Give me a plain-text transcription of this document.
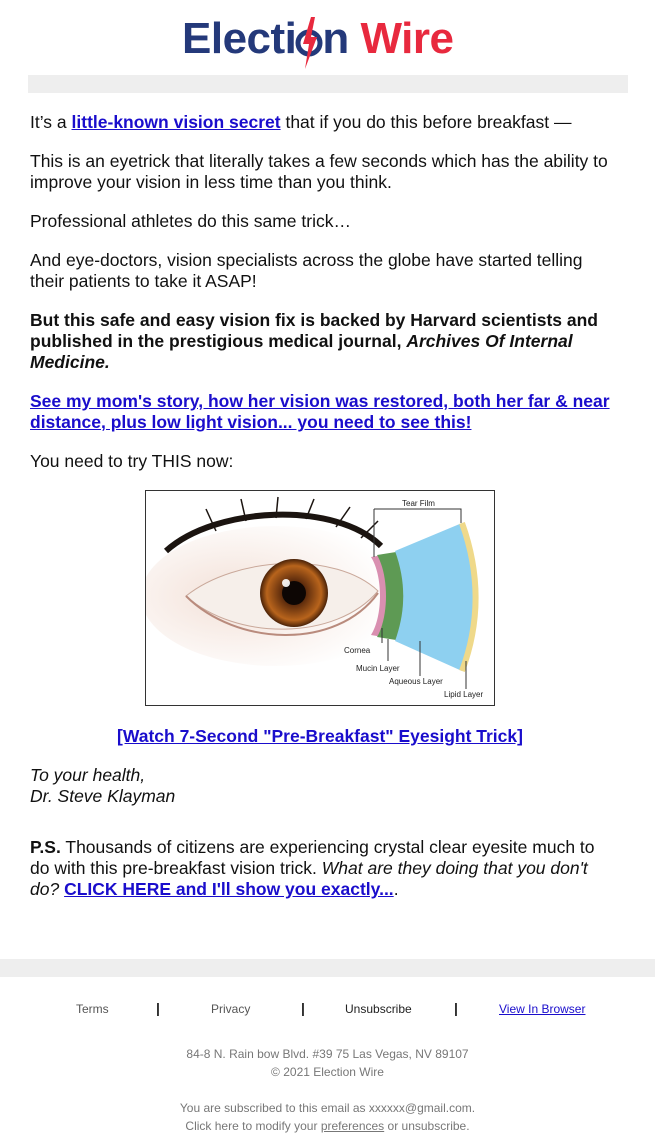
Electi n Wire

It’s a little-known vision secret that if you do this before breakfast —

This is an eyetrick that literally takes a few seconds which has the ability to improve your vision in less time than you think.

Professional athletes do this same trick…

And eye-doctors, vision specialists across the globe have started telling their patients to take it ASAP!

But this safe and easy vision fix is backed by Harvard scientists and published in the prestigious medical journal, Archives Of Internal Medicine.

See my mom's story, how her vision was restored, both her far & near distance, plus low light vision... you need to see this!

You need to try THIS now:

Tear Film
Cornea
Mucin Layer
Aqueous Layer
Lipid Layer

[Watch 7-Second "Pre-Breakfast" Eyesight Trick]

To your health,
Dr. Steve Klayman

P.S. Thousands of citizens are experiencing crystal clear eyesite much to do with this pre-breakfast vision trick. What are they doing that you don't do? CLICK HERE and I'll show you exactly....

Terms	|	Privacy	|	Unsubscribe	|	View In Browser
84-8 N. Rain bow Blvd. #39 75 Las Vegas, NV 89107
© 2021 Election Wire
You are subscribed to this email as xxxxxx@gmail.com.
Click here to modify your preferences or unsubscribe.
